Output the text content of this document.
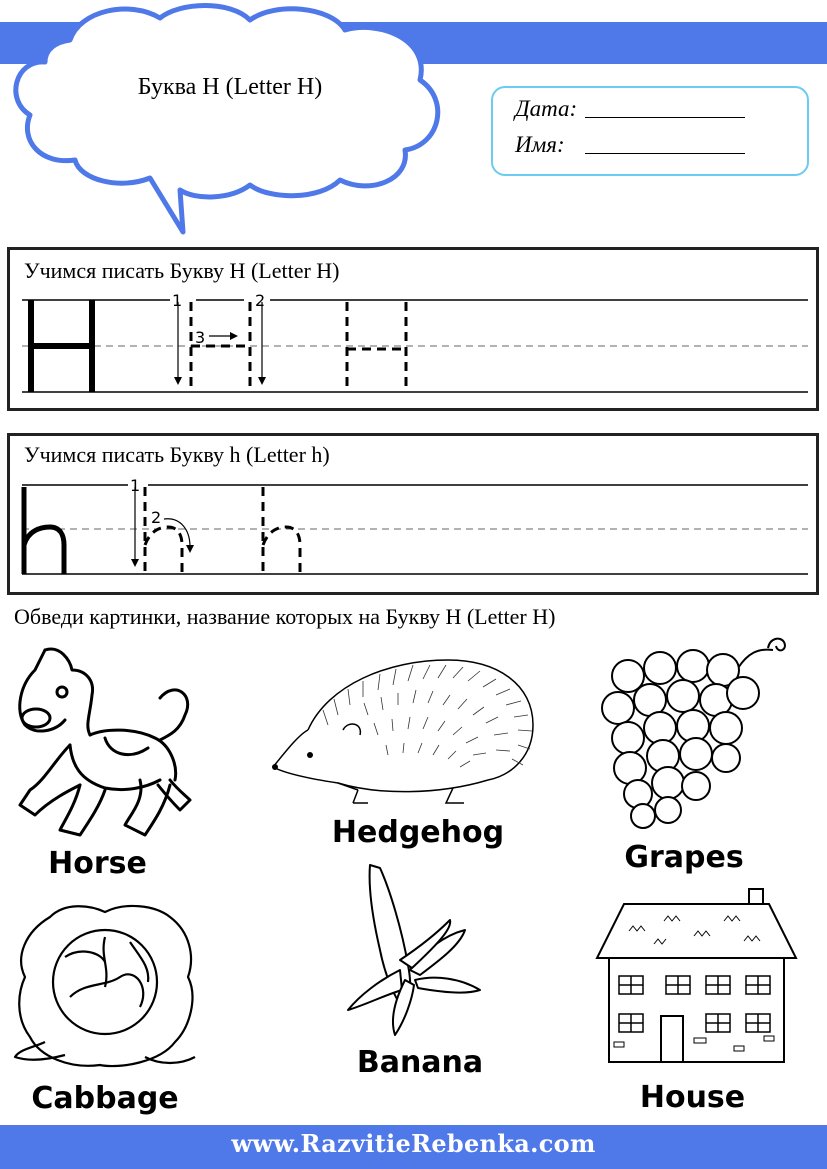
Буква Н (Letter H)
Дата:
Имя:
Учимся писать Букву Н (Letter H)
1	2
3
Учимся писать Букву h (Letter h)
1
2
Обведи картинки, название которых на Букву Н (Letter H)
Horse
Hedgehog
Grapes
Cabbage
Banana
House
www.RazvitieRebenka.com
